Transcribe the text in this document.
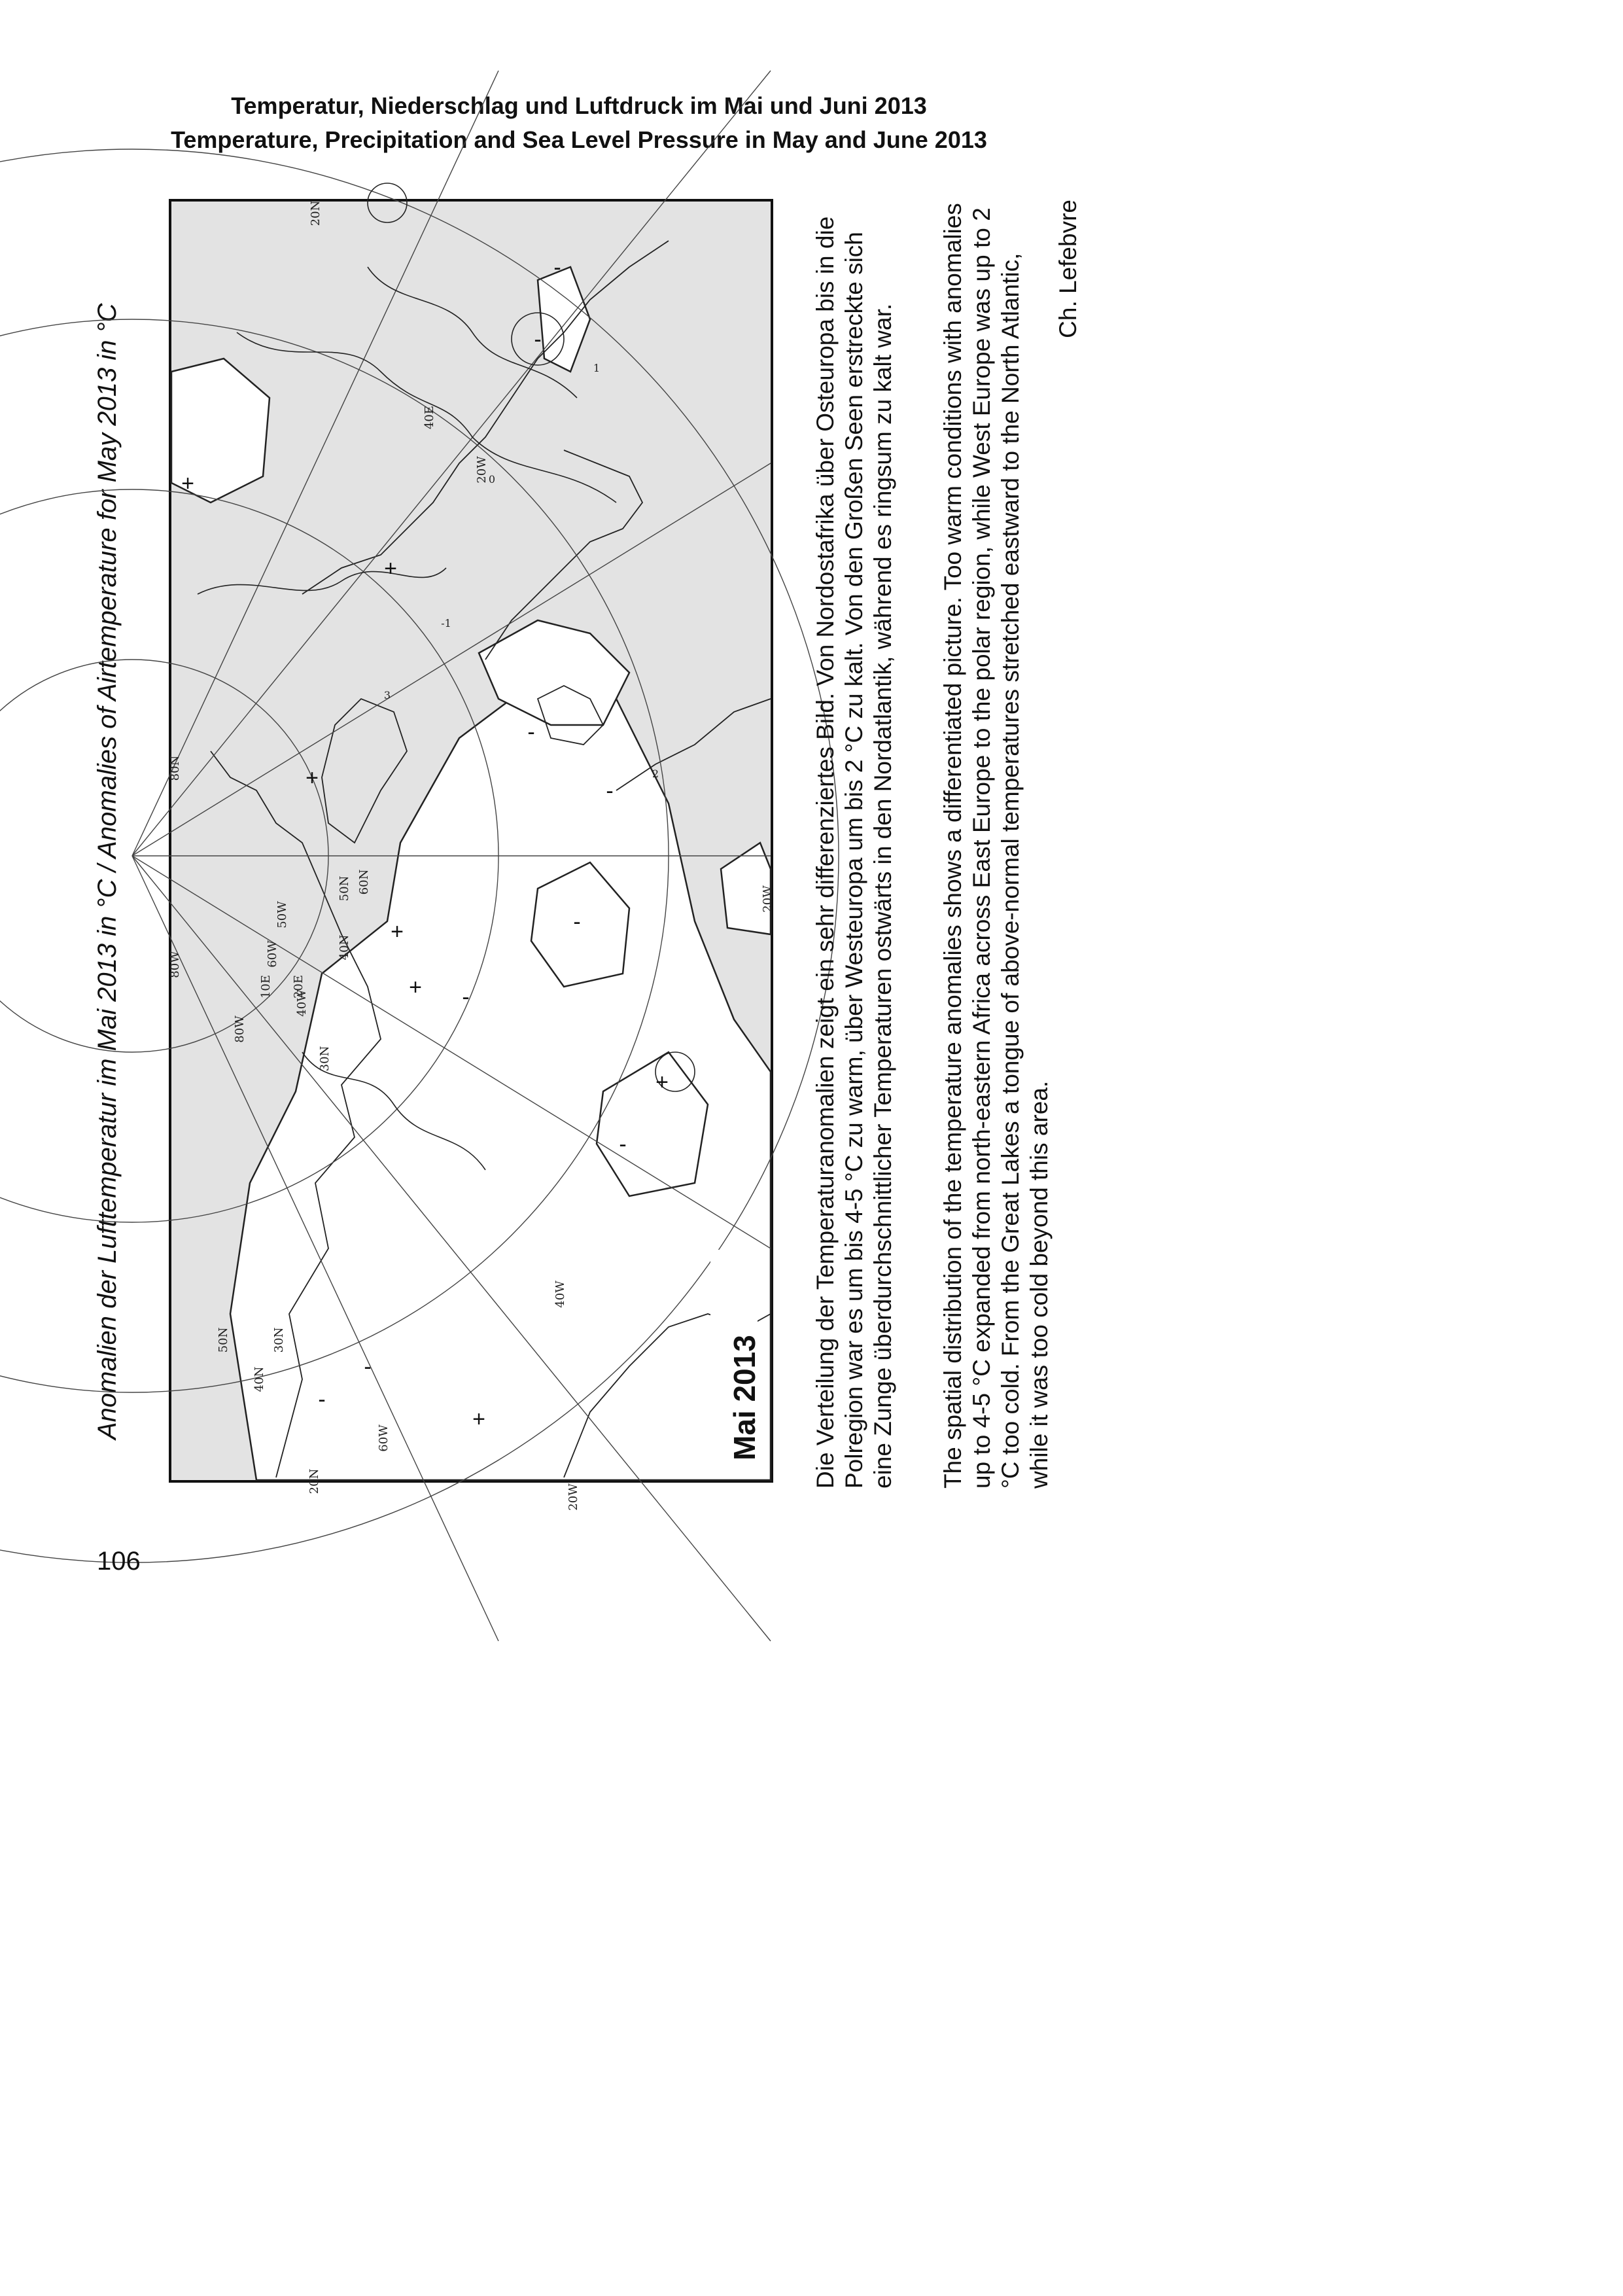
Temperatur, Niederschlag und Luftdruck im Mai und Juni 2013
Temperature, Precipitation and Sea Level Pressure in May and June 2013
Anomalien der Lufttemperatur im Mai 2013 in °C / Anomalies of Airtemperature for May 2013 in °C	-
-
-
-
-
-
-
-
-
+
+
+
+
+
+
+
10E 20E
30N
40N
50N
50W
60N
40E
20W
60W
40W
80W
30N
40N
50N
60W
40W
20W
20N
20N
20W
80W
80N
-1
0
1
2
3
Mai 2013 Die Verteilung der Temperaturanomalien zeigt ein sehr differenziertes Bild. Von Nordostafrika über Osteuropa bis in die Polregion war es um bis 4-5 °C zu warm, über Westeuropa um bis 2 °C zu kalt. Von den Großen Seen erstreckte sich eine Zunge überdurchschnittlicher Temperaturen ostwärts in den Nordatlantik, während es ringsum zu kalt war. The spatial distribution of the temperature anomalies shows a differentiated picture. Too warm conditions with anomalies up to 4-5 °C expanded from north-eastern Africa across East Europe to the polar region, while West Europe was up to 2 °C too cold. From the Great Lakes a tongue of above-normal temperatures stretched eastward to the North Atlantic, while it was too cold beyond this area.

Ch. Lefebvre

106
